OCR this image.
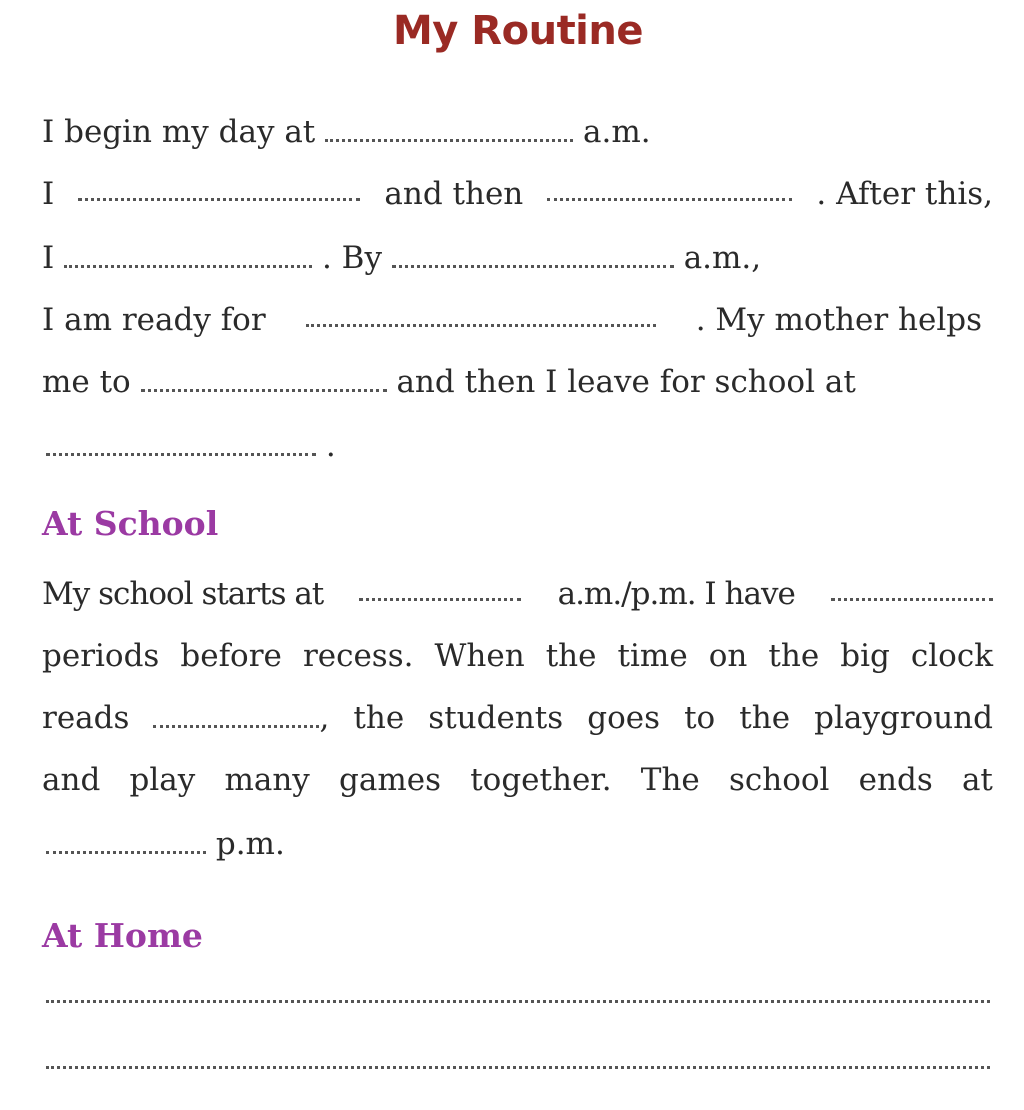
My Routine
I begin my day at	a.m.
I	and then	. After this,
I	. By	a.m.,
I am ready for	. My mother helps
me to	and then I leave for school at
.
At School
My school starts at	a.m./p.m. I have
periods before recess. When the time on the big clock
reads	, the students goes to the playground
and play many games together. The school ends at
p.m.
At Home
